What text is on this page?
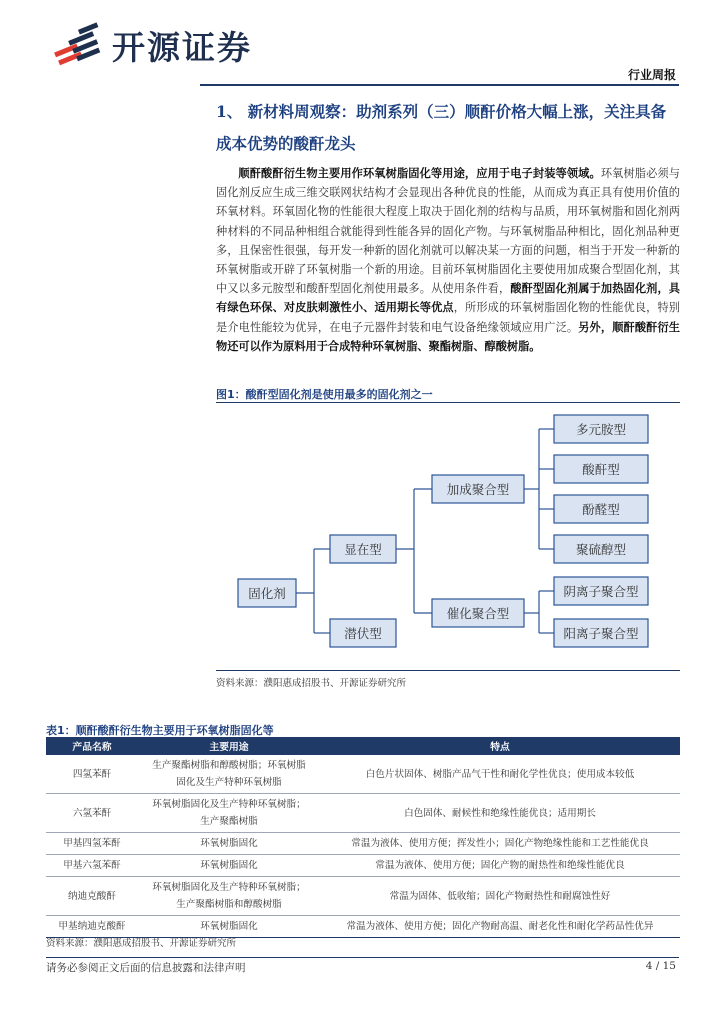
开源证券
行业周报
1、 新材料周观察：助剂系列（三）顺酐价格大幅上涨，关注具备成本优势的酸酐龙头
顺酐酸酐衍生物主要用作环氧树脂固化等用途，应用于电子封装等领域。环氧树脂必须与固化剂反应生成三维交联网状结构才会显现出各种优良的性能，从而成为真正具有使用价值的环氧材料。环氧固化物的性能很大程度上取决于固化剂的结构与品质，用环氧树脂和固化剂两种材料的不同品种相组合就能得到性能各异的固化产物。与环氧树脂品种相比，固化剂品种更多，且保密性很强，每开发一种新的固化剂就可以解决某一方面的问题，相当于开发一种新的环氧树脂或开辟了环氧树脂一个新的用途。目前环氧树脂固化主要使用加成聚合型固化剂，其中又以多元胺型和酸酐型固化剂使用最多。从使用条件看，酸酐型固化剂属于加热固化剂，具有绿色环保、对皮肤刺激性小、适用期长等优点，所形成的环氧树脂固化物的性能优良，特别是介电性能较为优异，在电子元器件封装和电气设备绝缘领域应用广泛。另外，顺酐酸酐衍生物还可以作为原料用于合成特种环氧树脂、聚酯树脂、醇酸树脂。
图1：酸酐型固化剂是使用最多的固化剂之一
固化剂
显在型
潜伏型
加成聚合型
催化聚合型
多元胺型
酸酐型
酚醛型
聚硫醇型
阴离子聚合型
阳离子聚合型
资料来源：濮阳惠成招股书、开源证券研究所
表1：顺酐酸酐衍生物主要用于环氧树脂固化等
产品名称	主要用途	特点
四氢苯酐	生产聚酯树脂和醇酸树脂；环氧树脂
固化及生产特种环氧树脂	白色片状固体、树脂产品气干性和耐化学性优良；使用成本较低
六氢苯酐	环氧树脂固化及生产特种环氧树脂；
生产聚酯树脂	白色固体、耐候性和绝缘性能优良；适用期长
甲基四氢苯酐	环氧树脂固化	常温为液体、使用方便；挥发性小；固化产物绝缘性能和工艺性能优良
甲基六氢苯酐	环氧树脂固化	常温为液体、使用方便；固化产物的耐热性和绝缘性能优良
纳迪克酸酐	环氧树脂固化及生产特种环氧树脂；
生产聚酯树脂和醇酸树脂	常温为固体、低收缩；固化产物耐热性和耐腐蚀性好
甲基纳迪克酸酐	环氧树脂固化	常温为液体、使用方便；固化产物耐高温、耐老化性和耐化学药品性优异
资料来源：濮阳惠成招股书、开源证券研究所
请务必参阅正文后面的信息披露和法律声明	4 / 15
